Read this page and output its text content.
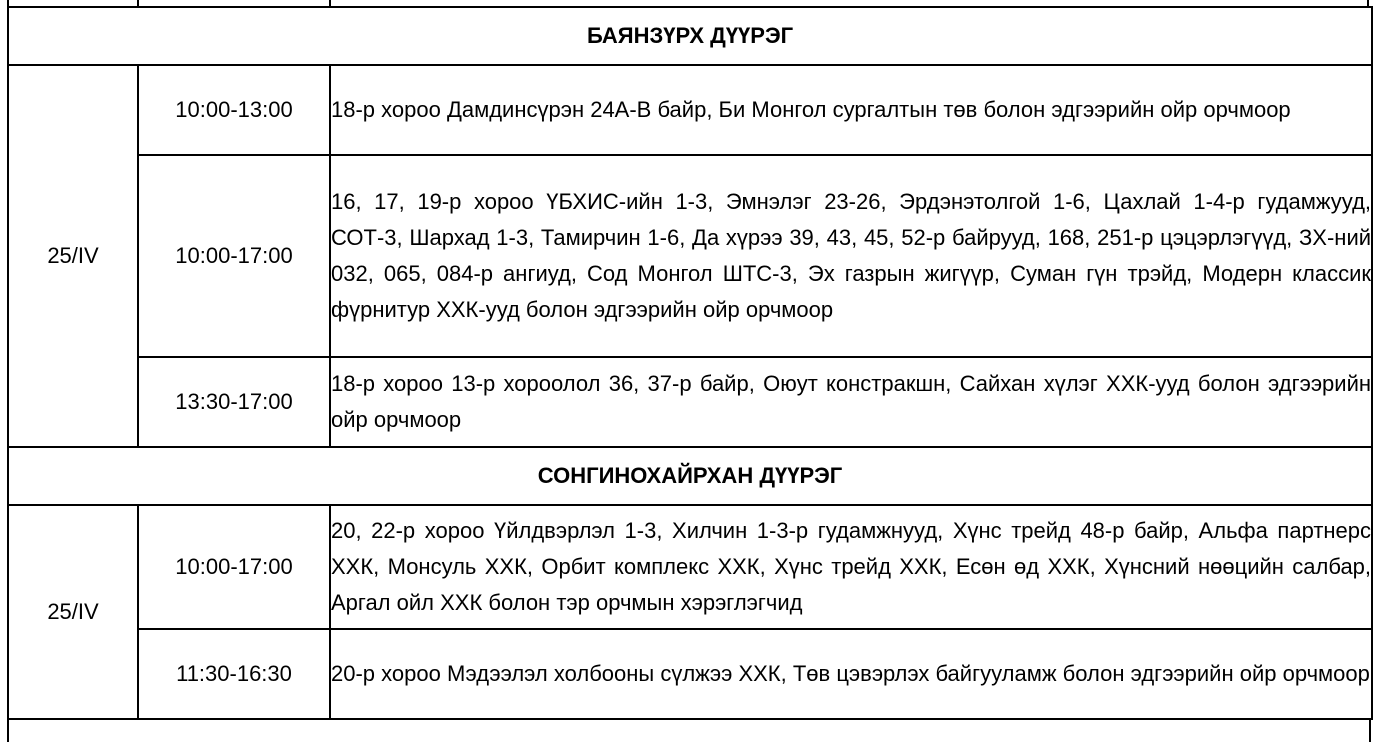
БАЯНЗҮРХ ДҮҮРЭГ		
25/IV	10:00-13:00	18-р хороо Дамдинсүрэн 24А-В байр, Би Монгол сургалтын төв болон эдгээрийн ойр орчмоор

	10:00-17:00	16, 17, 19-р хороо ҮБХИС-ийн 1-3, Эмнэлэг 23-26, Эрдэнэтолгой 1-6, Цахлай 1-4-р гудамжууд, СОТ-3, Шархад 1-3, Тамирчин 1-6, Да хүрээ 39, 43, 45, 52-р байрууд, 168, 251-р цэцэрлэгүүд, ЗХ-ний 032, 065, 084-р ангиуд, Сод Монгол ШТС-3, Эх газрын жигүүр, Суман гүн трэйд, Модерн классик фүрнитур ХХК-ууд болон эдгээрийн ойр орчмоор

	13:30-17:00	18-р хороо 13-р хороолол 36, 37-р байр, Оюут констракшн, Сайхан хүлэг ХХК-ууд болон эдгээрийн ойр орчмоор

СОНГИНОХАЙРХАН ДҮҮРЭГ		
25/IV	10:00-17:00	20, 22-р хороо Үйлдвэрлэл 1-3, Хилчин 1-3-р гудамжнууд, Хүнс трейд 48-р байр, Альфа партнерс ХХК, Монсуль ХХК, Орбит комплекс ХХК, Хүнс трейд ХХК, Есөн өд ХХК, Хүнсний нөөцийн салбар, Аргал ойл ХХК болон тэр орчмын хэрэглэгчид

	11:30-16:30	20-р хороо Мэдээлэл холбооны сүлжээ ХХК, Төв цэвэрлэх байгууламж болон эдгээрийн ойр орчмоор
